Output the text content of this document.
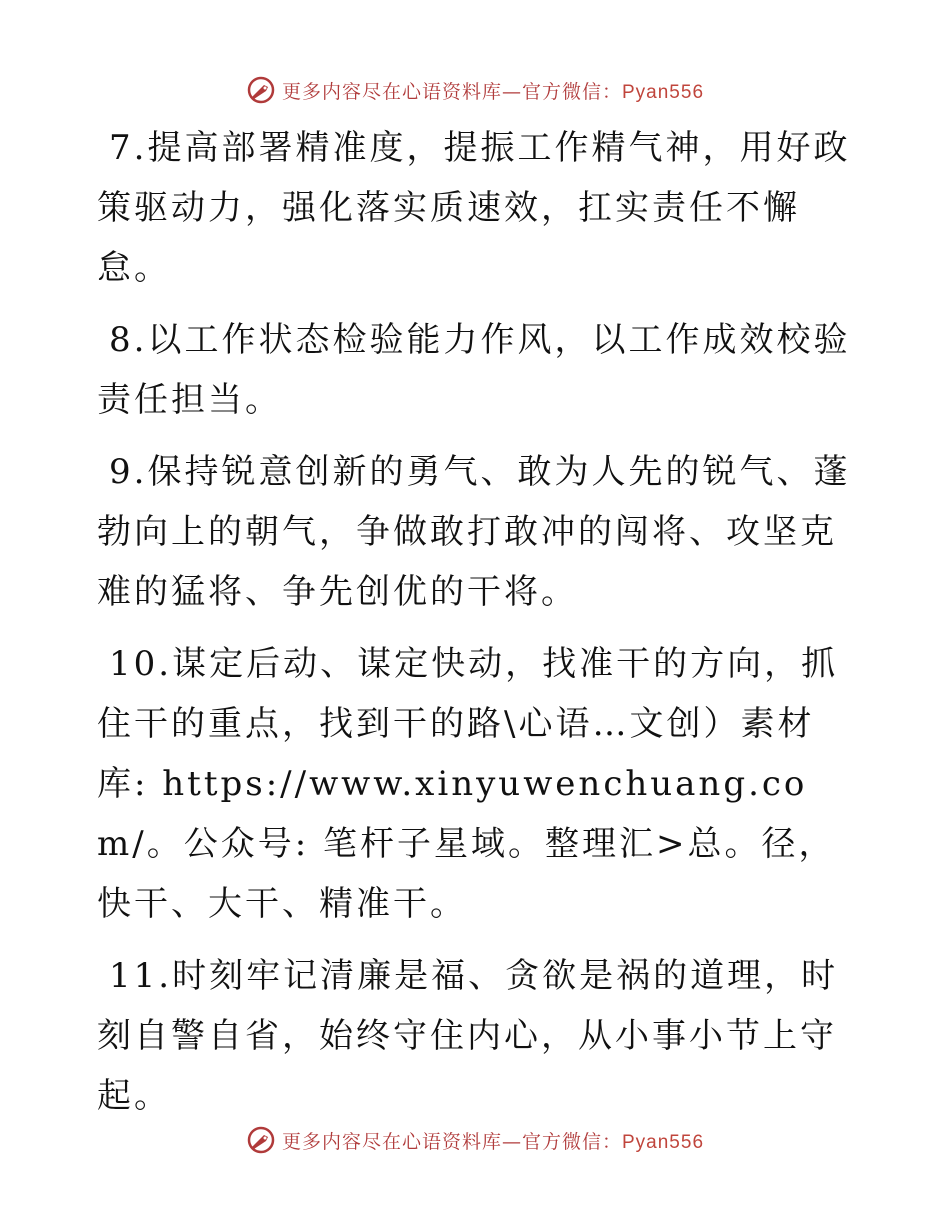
更多内容尽在心语资料库—官方微信：Pyan556

7.提高部署精准度，提振工作精气神，用好政策驱动力，强化落实质速效，扛实责任不懈怠。

8.以工作状态检验能力作风，以工作成效校验责任担当。

9.保持锐意创新的勇气、敢为人先的锐气、蓬勃向上的朝气，争做敢打敢冲的闯将、攻坚克难的猛将、争先创优的干将。

10.谋定后动、谋定快动，找准干的方向，抓住干的重点，找到干的路\心语…文创）素材库: https://www.xinyuwenchuang.com/。公众号: 笔杆子星域。整理汇>总。径，快干、大干、精准干。

11.时刻牢记清廉是福、贪欲是祸的道理，时刻自警自省，始终守住内心，从小事小节上守起。

更多内容尽在心语资料库—官方微信：Pyan556
